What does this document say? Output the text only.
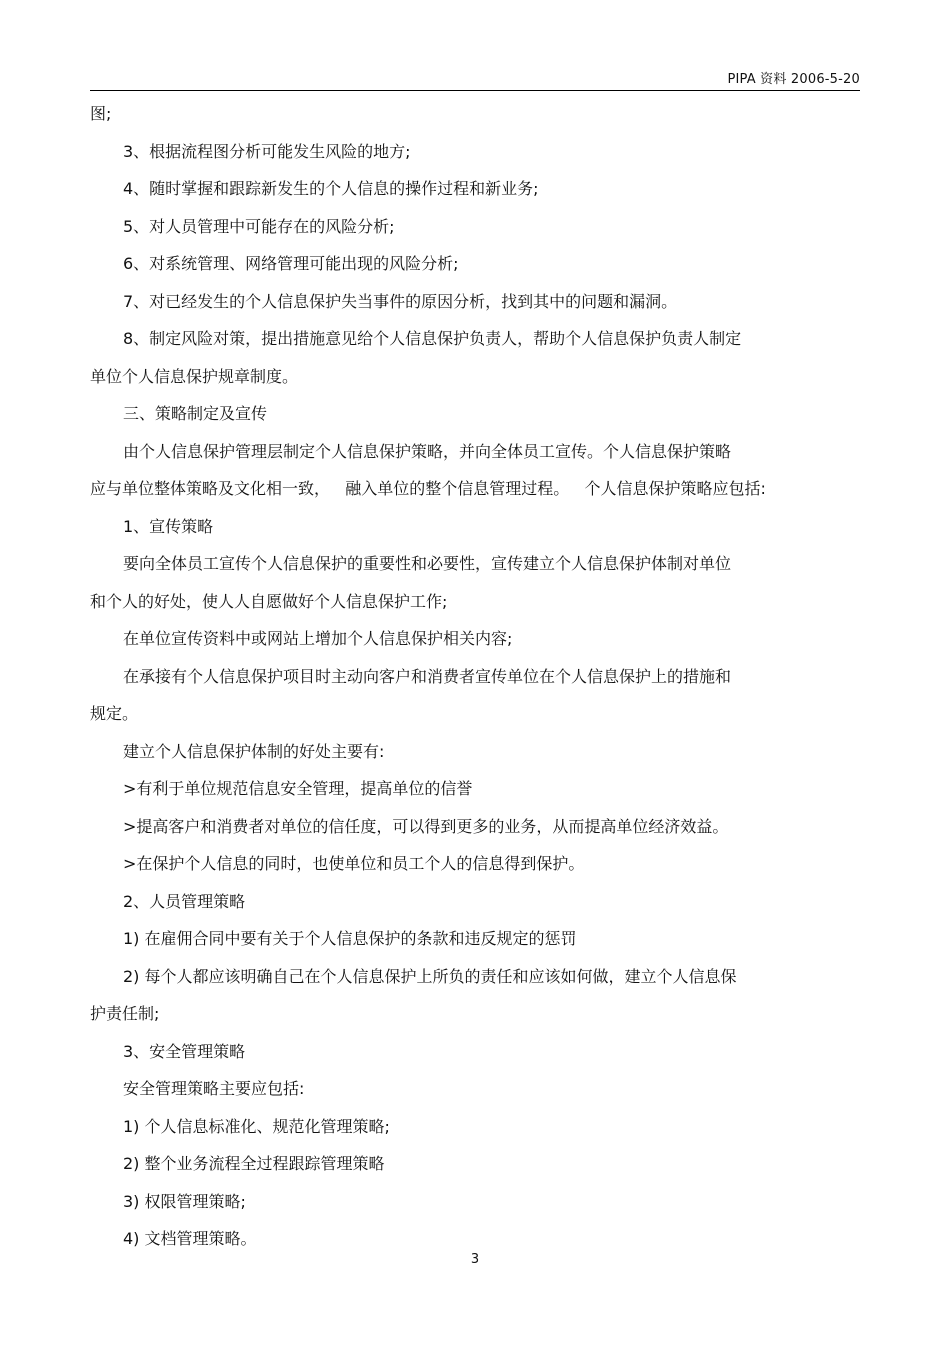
PIPA 资料 2006-5-20
图;
3、根据流程图分析可能发生风险的地方;
4、随时掌握和跟踪新发生的个人信息的操作过程和新业务;
5、对人员管理中可能存在的风险分析;
6、对系统管理、网络管理可能出现的风险分析;
7、对已经发生的个人信息保护失当事件的原因分析，找到其中的问题和漏洞。
8、制定风险对策，提出措施意见给个人信息保护负责人，帮助个人信息保护负责人制定
单位个人信息保护规章制度。
三、策略制定及宣传
由个人信息保护管理层制定个人信息保护策略，并向全体员工宣传。个人信息保护策略
应与单位整体策略及文化相一致，   融入单位的整个信息管理过程。   个人信息保护策略应包括:
1、宣传策略
要向全体员工宣传个人信息保护的重要性和必要性，宣传建立个人信息保护体制对单位
和个人的好处，使人人自愿做好个人信息保护工作;
在单位宣传资料中或网站上增加个人信息保护相关内容;
在承接有个人信息保护项目时主动向客户和消费者宣传单位在个人信息保护上的措施和
规定。
建立个人信息保护体制的好处主要有:
>有利于单位规范信息安全管理，提高单位的信誉
>提高客户和消费者对单位的信任度，可以得到更多的业务，从而提高单位经济效益。
>在保护个人信息的同时，也使单位和员工个人的信息得到保护。
2、人员管理策略
1) 在雇佣合同中要有关于个人信息保护的条款和违反规定的惩罚
2) 每个人都应该明确自己在个人信息保护上所负的责任和应该如何做，建立个人信息保
护责任制;
3、安全管理策略
安全管理策略主要应包括:
1) 个人信息标准化、规范化管理策略;
2) 整个业务流程全过程跟踪管理策略
3) 权限管理策略;
4) 文档管理策略。
3
